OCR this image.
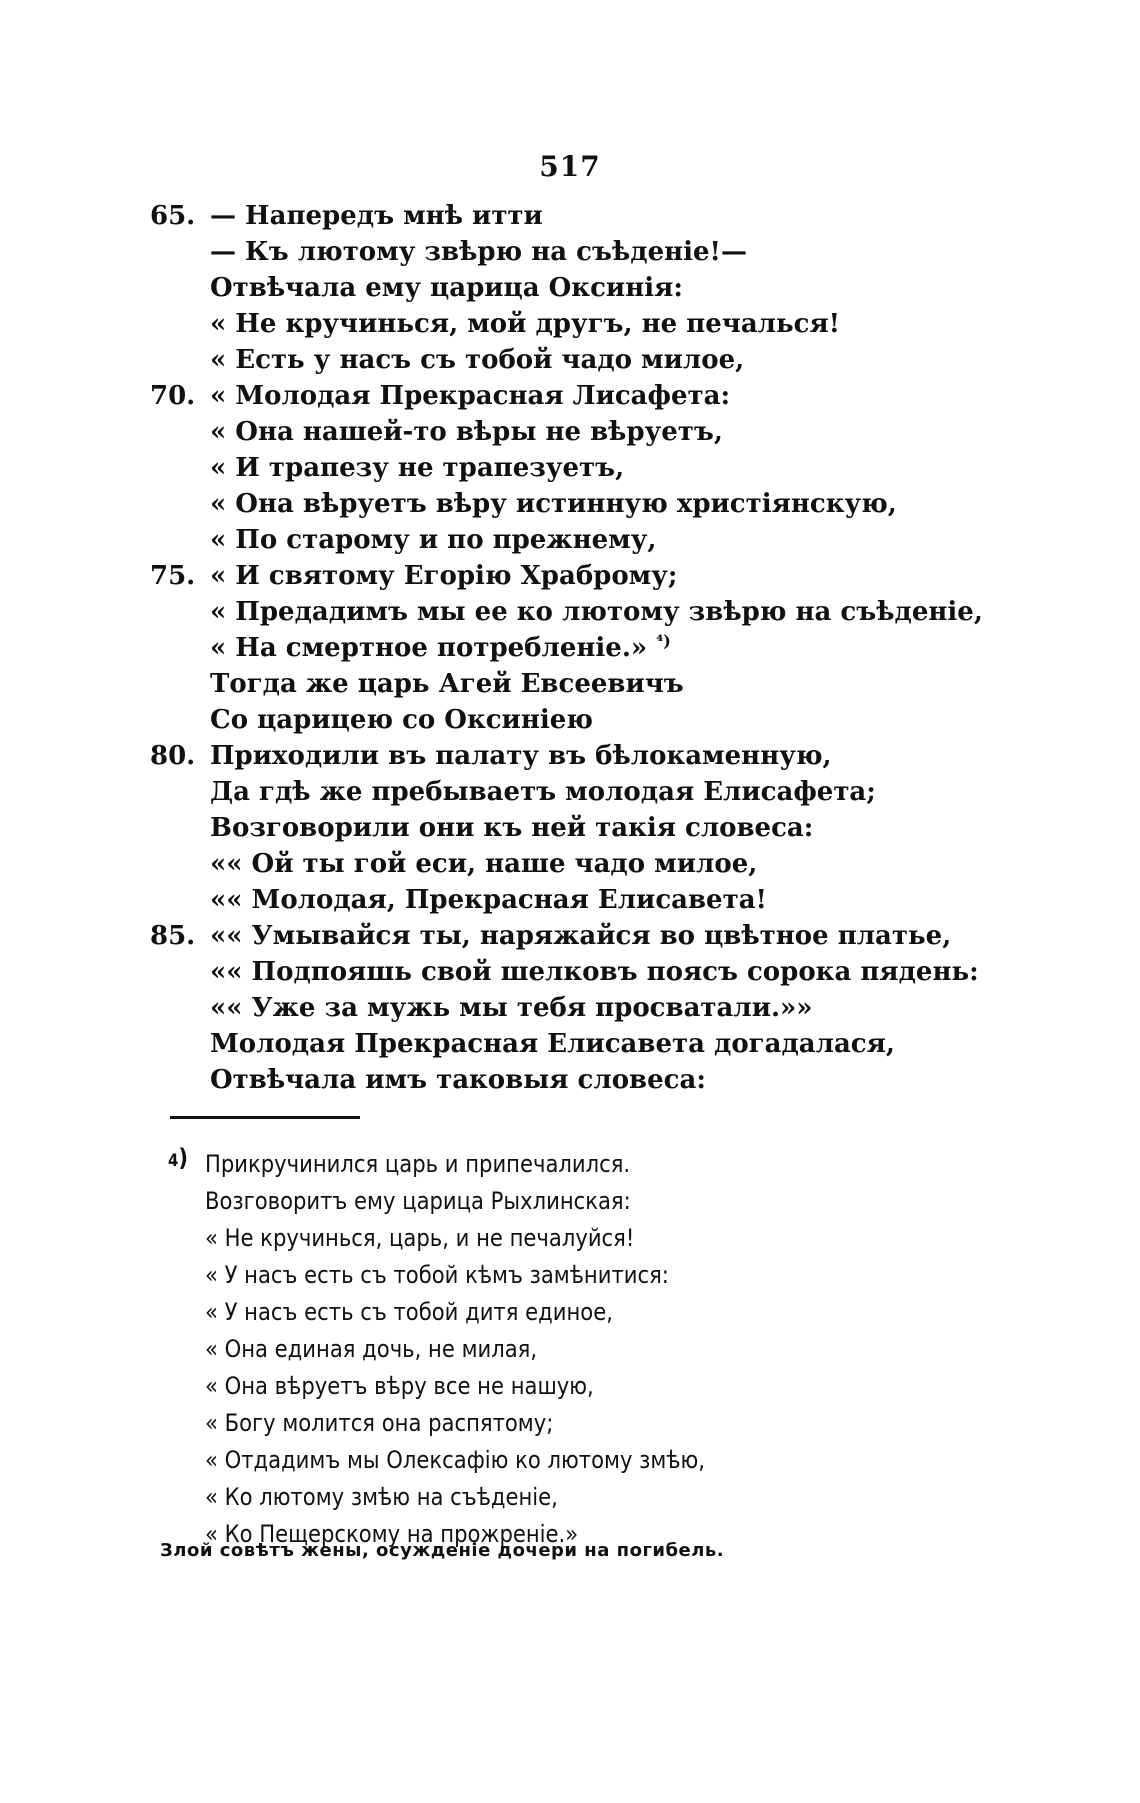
517
65. — Напередъ мнѣ итти
— Къ лютому звѣрю на съѣденіе!—
Отвѣчала ему царица Оксинія:
« Не кручинься, мой другъ, не печалься!
« Есть у насъ съ тобой чадо милое,
70. « Молодая Прекрасная Лисафета:
« Она нашей-то вѣры не вѣруетъ,
« И трапезу не трапезуетъ,
« Она вѣруетъ вѣру истинную христіянскую,
« По старому и по прежнему,
75. « И святому Егорію Храброму;
« Предадимъ мы ее ко лютому звѣрю на съѣденіе,
« На смертное потребленіе.» $^{^4)}$
Тогда же царь Агей Евсеевичъ
Со царицею со Оксиніею
80. Приходили въ палату въ бѣлокаменную,
Да гдѣ же пребываетъ молодая Елисафета;
Возговорили они къ ней такія словеса:
«« Ой ты гой еси, наше чадо милое,
«« Молодая, Прекрасная Елисавета!
85. «« Умывайся ты, наряжайся во цвѣтное платье,
«« Подпояшь свой шелковъ поясъ сорока пядень:
«« Уже за мужь мы тебя просватали.»»
Молодая Прекрасная Елисавета догадалася,
Отвѣчала имъ таковыя словеса:
4) Прикручинился царь и припечалился.
Возговоритъ ему царица Рыхлинская:
« Не кручинься, царь, и не печалуйся!
« У насъ есть съ тобой кѣмъ замѣнитися:
« У насъ есть съ тобой дитя единое,
« Она единая дочь, не милая,
« Она вѣруетъ вѣру все не нашую,
« Богу молится она распятому;
« Отдадимъ мы Олексафію ко лютому змѣю,
« Ко лютому змѣю на съѣденіе,
« Ко Пещерскому на прожреніе.»
Злой совѣтъ жены, осужденіе дочери на погибель.
